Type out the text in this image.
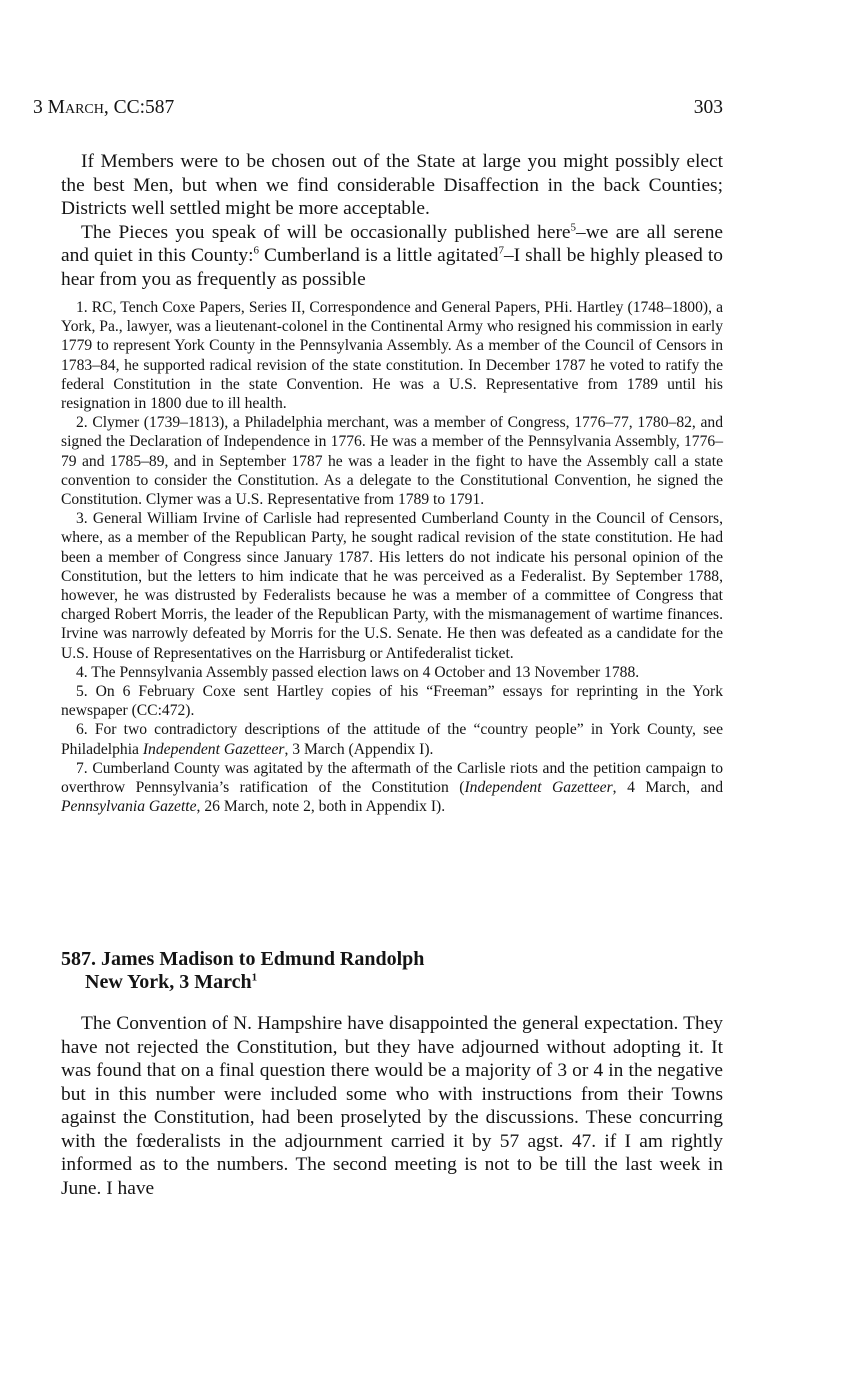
3 March, CC:587	303

If Members were to be chosen out of the State at large you might possibly elect the best Men, but when we find considerable Disaffection in the back Counties; Districts well settled might be more acceptable.

The Pieces you speak of will be occasionally published here$^5$–we are all serene and quiet in this County:$^6$ Cumberland is a little agitated$^7$–I shall be highly pleased to hear from you as frequently as possible

1. RC, Tench Coxe Papers, Series II, Correspondence and General Papers, PHi. Hartley (1748–1800), a York, Pa., lawyer, was a lieutenant-colonel in the Continental Army who resigned his commission in early 1779 to represent York County in the Pennsylvania Assembly. As a member of the Council of Censors in 1783–84, he supported radical revision of the state constitution. In December 1787 he voted to ratify the federal Constitution in the state Convention. He was a U.S. Representative from 1789 until his resignation in 1800 due to ill health.

2. Clymer (1739–1813), a Philadelphia merchant, was a member of Congress, 1776–77, 1780–82, and signed the Declaration of Independence in 1776. He was a member of the Pennsylvania Assembly, 1776–79 and 1785–89, and in September 1787 he was a leader in the fight to have the Assembly call a state convention to consider the Constitution. As a delegate to the Constitutional Convention, he signed the Constitution. Clymer was a U.S. Representative from 1789 to 1791.

3. General William Irvine of Carlisle had represented Cumberland County in the Council of Censors, where, as a member of the Republican Party, he sought radical revision of the state constitution. He had been a member of Congress since January 1787. His letters do not indicate his personal opinion of the Constitution, but the letters to him indicate that he was perceived as a Federalist. By September 1788, however, he was distrusted by Federalists because he was a member of a committee of Congress that charged Robert Morris, the leader of the Republican Party, with the mismanagement of wartime finances. Irvine was narrowly defeated by Morris for the U.S. Senate. He then was defeated as a candidate for the U.S. House of Representatives on the Harrisburg or Antifederalist ticket.

4. The Pennsylvania Assembly passed election laws on 4 October and 13 November 1788.

5. On 6 February Coxe sent Hartley copies of his “Freeman” essays for reprinting in the York newspaper (CC:472).

6. For two contradictory descriptions of the attitude of the “country people” in York County, see Philadelphia Independent Gazetteer, 3 March (Appendix I).

7. Cumberland County was agitated by the aftermath of the Carlisle riots and the petition campaign to overthrow Pennsylvania’s ratification of the Constitution (Independent Gazetteer, 4 March, and Pennsylvania Gazette, 26 March, note 2, both in Appendix I).

587. James Madison to Edmund Randolph
New York, 3 March$^1$

The Convention of N. Hampshire have disappointed the general expectation. They have not rejected the Constitution, but they have adjourned without adopting it. It was found that on a final question there would be a majority of 3 or 4 in the negative but in this number were included some who with instructions from their Towns against the Constitution, had been proselyted by the discussions. These concurring with the fœderalists in the adjournment carried it by 57 agst. 47. if I am rightly informed as to the numbers. The second meeting is not to be till the last week in June. I have
